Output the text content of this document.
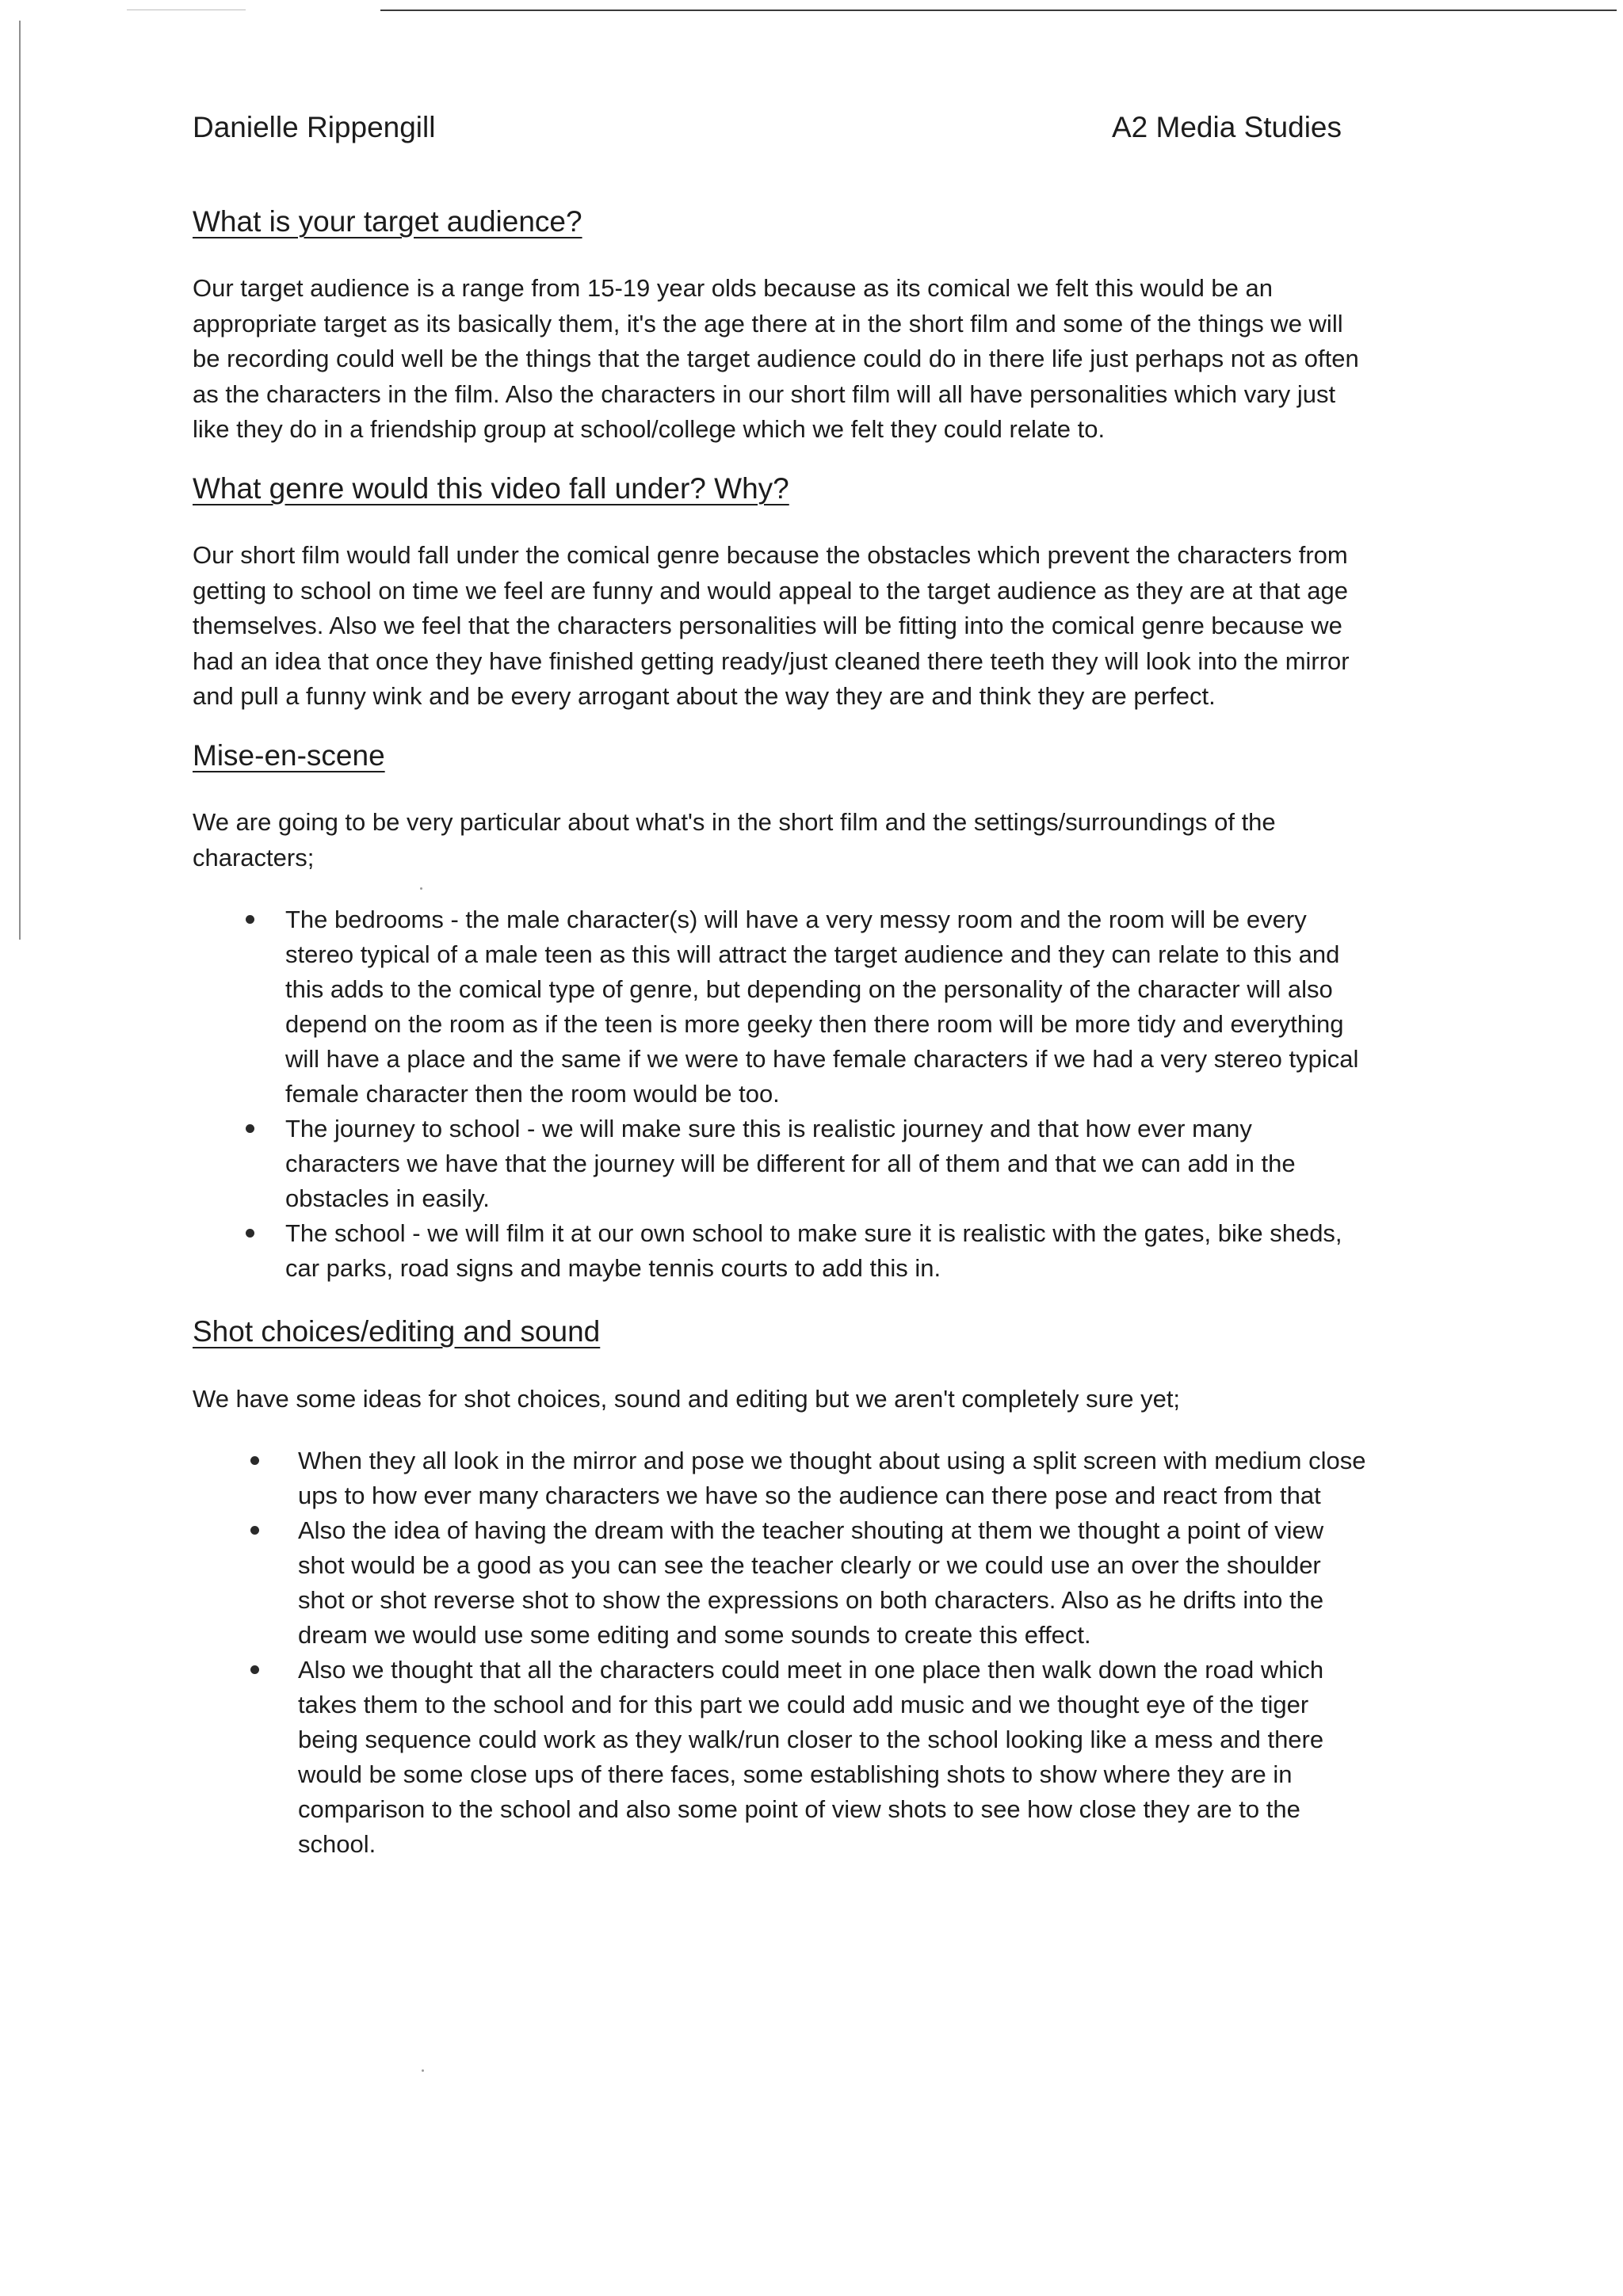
Danielle Rippengill	A2 Media Studies
What is your target audience?

Our target audience is a range from 15-19 year olds because as its comical we felt this would be an appropriate target as its basically them, it's the age there at in the short film and some of the things we will be recording could well be the things that the target audience could do in there life just perhaps not as often as the characters in the film. Also the characters in our short film will all have personalities which vary just like they do in a friendship group at school/college which we felt they could relate to.

What genre would this video fall under? Why?

Our short film would fall under the comical genre because the obstacles which prevent the characters from getting to school on time we feel are funny and would appeal to the target audience as they are at that age themselves. Also we feel that the characters personalities will be fitting into the comical genre because we had an idea that once they have finished getting ready/just cleaned there teeth they will look into the mirror and pull a funny wink and be every arrogant about the way they are and think they are perfect.

Mise-en-scene

We are going to be very particular about what's in the short film and the settings/surroundings of the characters;

The bedrooms - the male character(s) will have a very messy room and the room will be every stereo typical of a male teen as this will attract the target audience and they can relate to this and this adds to the comical type of genre, but depending on the personality of the character will also depend on the room as if the teen is more geeky then there room will be more tidy and everything will have a place and the same if we were to have female characters if we had a very stereo typical female character then the room would be too.
The journey to school - we will make sure this is realistic journey and that how ever many characters we have that the journey will be different for all of them and that we can add in the obstacles in easily.
The school - we will film it at our own school to make sure it is realistic with the gates, bike sheds, car parks, road signs and maybe tennis courts to add this in.
Shot choices/editing and sound

We have some ideas for shot choices, sound and editing but we aren't completely sure yet;

When they all look in the mirror and pose we thought about using a split screen with medium close ups to how ever many characters we have so the audience can there pose and react from that
Also the idea of having the dream with the teacher shouting at them we thought a point of view shot would be a good as you can see the teacher clearly or we could use an over the shoulder shot or shot reverse shot to show the expressions on both characters. Also as he drifts into the dream we would use some editing and some sounds to create this effect.
Also we thought that all the characters could meet in one place then walk down the road which takes them to the school and for this part we could add music and we thought eye of the tiger being sequence could work as they walk/run closer to the school looking like a mess and there would be some close ups of there faces, some establishing shots to show where they are in comparison to the school and also some point of view shots to see how close they are to the school.
